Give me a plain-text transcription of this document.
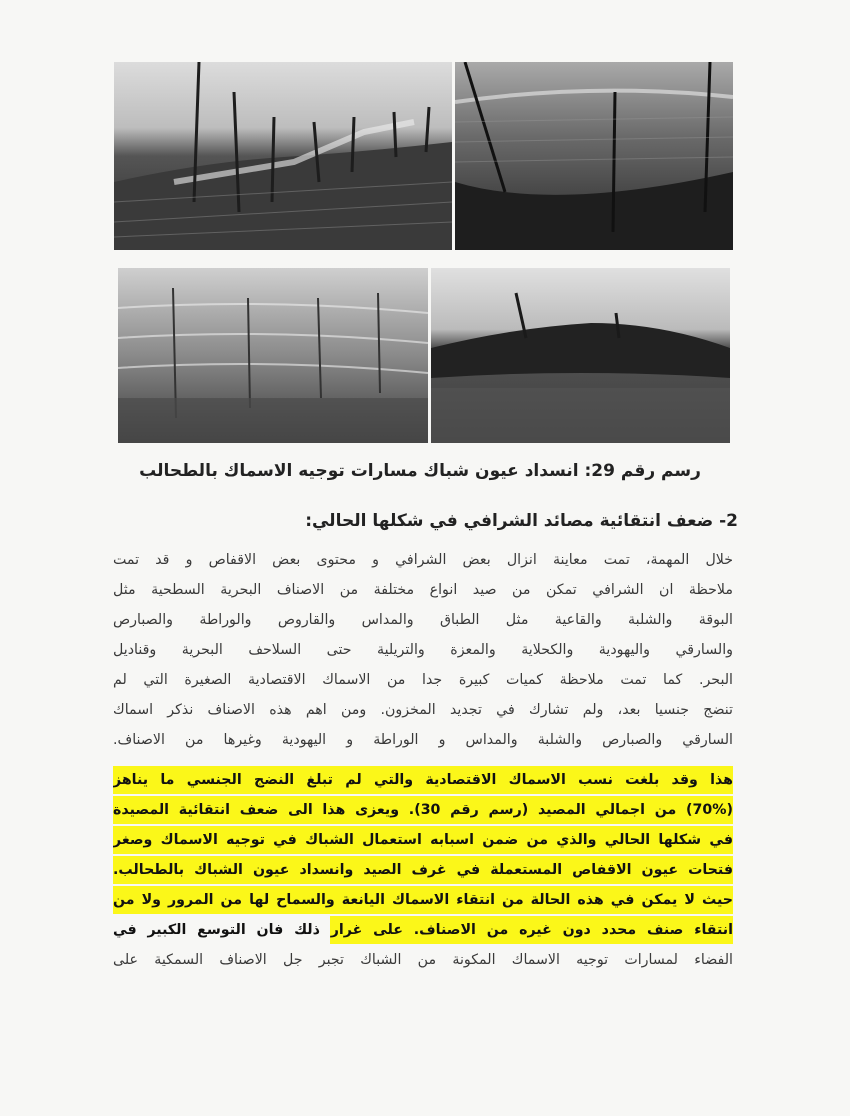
رسم رقم 29: انسداد عيون شباك مسارات توجيه الاسماك بالطحالب
2- ضعف انتقائية مصائد الشرافي في شكلها الحالي:
خلال المهمة، تمت معاينة انزال بعض الشرافي و محتوى بعض الاقفاص و قد تمت
ملاحظة ان الشرافي تمكن من صيد انواع مختلفة من الاصناف البحرية السطحية مثل
البوقة والشلبة والقاعية مثل الطباق والمداس والقاروص والوراطة والصبارص
والسارقي واليهودية والكحلاية والمعزة والتريلية حتى السلاحف البحرية وقناديل
البحر. كما تمت ملاحظة كميات كبيرة جدا من الاسماك الاقتصادية الصغيرة التي لم
تنضج جنسيا بعد، ولم تشارك في تجديد المخزون. ومن اهم هذه الاصناف نذكر اسماك
السارقي والصبارص والشلبة والمداس و الوراطة و اليهودية وغيرها من الاصناف.
هذا وقد بلغت نسب الاسماك الاقتصادية والتي لم تبلغ النضج الجنسي ما يناهز
(70%) من اجمالي المصيد (رسم رقم 30). ويعزى هذا الى ضعف انتقائية المصيدة
في شكلها الحالي والذي من ضمن اسبابه استعمال الشباك في توجيه الاسماك وصغر
فتحات عيون الاقفاص المستعملة في غرف الصيد وانسداد عيون الشباك بالطحالب.
حيث لا يمكن في هذه الحالة من انتقاء الاسماك اليانعة والسماح لها من المرور ولا من
انتقاء صنف محدد دون غيره من الاصناف. على غرار ذلك فان التوسع الكبير في
الفضاء لمسارات توجيه الاسماك المكونة من الشباك تجبر جل الاصناف السمكية على
